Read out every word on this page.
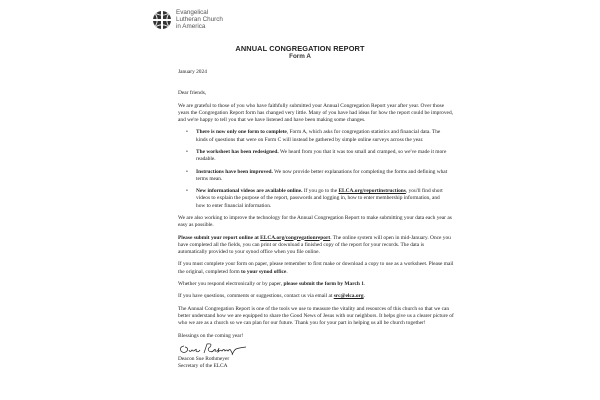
Evangelical
Lutheran Church
in America
ANNUAL CONGREGATION REPORT
Form A

January 2024

Dear friends,

We are grateful to those of you who have faithfully submitted your Annual Congregation Report year after year. Over those years the Congregation Report form has changed very little. Many of you have had ideas for how the report could be improved, and we're happy to tell you that we have listened and have been making some changes.

• There is now only one form to complete, Form A, which asks for congregation statistics and financial data. The kinds of questions that were on Form C will instead be gathered by simple online surveys across the year.
• The worksheet has been redesigned. We heard from you that it was too small and cramped, so we've made it more readable.
• Instructions have been improved. We now provide better explanations for completing the forms and defining what terms mean.
• New informational videos are available online. If you go to the ELCA.org/reportinstructions, you'll find short videos to explain the purpose of the report, passwords and logging in, how to enter membership information, and how to enter financial information.

We are also working to improve the technology for the Annual Congregation Report to make submitting your data each year as easy as possible.

Please submit your report online at ELCA.org/congregationreport. The online system will open in mid-January. Once you have completed all the fields, you can print or download a finished copy of the report for your records. The data is automatically provided to your synod office when you file online.

If you must complete your form on paper, please remember to first make or download a copy to use as a worksheet. Please mail the original, completed form to your synod office.

Whether you respond electronically or by paper, please submit the form by March 1.

If you have questions, comments or suggestions, contact us via email at src@elca.org.

The Annual Congregation Report is one of the tools we use to measure the vitality and resources of this church so that we can better understand how we are equipped to share the Good News of Jesus with our neighbors. It helps give us a clearer picture of who we are as a church so we can plan for our future. Thank you for your part in helping us all be church together!

Blessings on the coming year!

Deacon Sue Rothmeyer

Secretary of the ELCA
